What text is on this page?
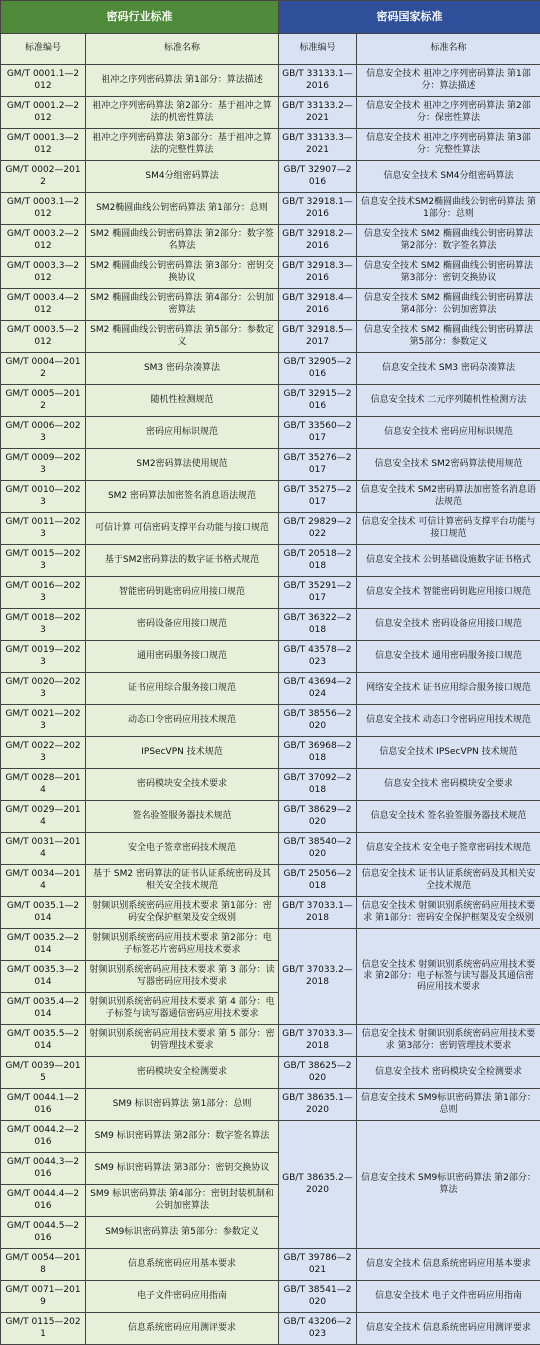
密码行业标准		密码国家标准	
标准编号	标准名称	标准编号	标准名称
GM/T 0001.1—2012	祖冲之序列密码算法 第1部分：算法描述	GB/T 33133.1—2016	信息安全技术 祖冲之序列密码算法 第1部分：算法描述
GM/T 0001.2—2012	祖冲之序列密码算法 第2部分：基于祖冲之算法的机密性算法	GB/T 33133.2—2021	信息安全技术 祖冲之序列密码算法 第2部分：保密性算法
GM/T 0001.3—2012	祖冲之序列密码算法 第3部分：基于祖冲之算法的完整性算法	GB/T 33133.3—2021	信息安全技术 祖冲之序列密码算法 第3部分：完整性算法
GM/T 0002—2012	SM4分组密码算法	GB/T 32907—2016	信息安全技术 SM4分组密码算法
GM/T 0003.1—2012	SM2椭圆曲线公钥密码算法 第1部分：总则	GB/T 32918.1—2016	信息安全技术SM2椭圆曲线公钥密码算法 第1部分：总则
GM/T 0003.2—2012	SM2 椭圆曲线公钥密码算法 第2部分：数字签名算法	GB/T 32918.2—2016	信息安全技术 SM2 椭圆曲线公钥密码算法 第2部分：数字签名算法
GM/T 0003.3—2012	SM2 椭圆曲线公钥密码算法 第3部分：密钥交换协议	GB/T 32918.3—2016	信息安全技术 SM2 椭圆曲线公钥密码算法 第3部分：密钥交换协议
GM/T 0003.4—2012	SM2 椭圆曲线公钥密码算法 第4部分：公钥加密算法	GB/T 32918.4—2016	信息安全技术 SM2 椭圆曲线公钥密码算法 第4部分：公钥加密算法
GM/T 0003.5—2012	SM2 椭圆曲线公钥密码算法 第5部分：参数定义	GB/T 32918.5—2017	信息安全技术 SM2 椭圆曲线公钥密码算法 第5部分：参数定义
GM/T 0004—2012	SM3 密码杂凑算法	GB/T 32905—2016	信息安全技术 SM3 密码杂凑算法
GM/T 0005—2012	随机性检测规范	GB/T 32915—2016	信息安全技术 二元序列随机性检测方法
GM/T 0006—2023	密码应用标识规范	GB/T 33560—2017	信息安全技术 密码应用标识规范
GM/T 0009—2023	SM2密码算法使用规范	GB/T 35276—2017	信息安全技术 SM2密码算法使用规范
GM/T 0010—2023	SM2 密码算法加密签名消息语法规范	GB/T 35275—2017	信息安全技术 SM2密码算法加密签名消息语法规范
GM/T 0011—2023	可信计算 可信密码支撑平台功能与接口规范	GB/T 29829—2022	信息安全技术 可信计算密码支撑平台功能与接口规范
GM/T 0015—2023	基于SM2密码算法的数字证书格式规范	GB/T 20518—2018	信息安全技术 公钥基础设施数字证书格式
GM/T 0016—2023	智能密码钥匙密码应用接口规范	GB/T 35291—2017	信息安全技术 智能密码钥匙应用接口规范
GM/T 0018—2023	密码设备应用接口规范	GB/T 36322—2018	信息安全技术 密码设备应用接口规范
GM/T 0019—2023	通用密码服务接口规范	GB/T 43578—2023	信息安全技术 通用密码服务接口规范
GM/T 0020—2023	证书应用综合服务接口规范	GB/T 43694—2024	网络安全技术 证书应用综合服务接口规范
GM/T 0021—2023	动态口令密码应用技术规范	GB/T 38556—2020	信息安全技术 动态口令密码应用技术规范
GM/T 0022—2023	IPSecVPN 技术规范	GB/T 36968—2018	信息安全技术 IPSecVPN 技术规范
GM/T 0028—2014	密码模块安全技术要求	GB/T 37092—2018	信息安全技术 密码模块安全要求
GM/T 0029—2014	签名验签服务器技术规范	GB/T 38629—2020	信息安全技术 签名验签服务器技术规范
GM/T 0031—2014	安全电子签章密码技术规范	GB/T 38540—2020	信息安全技术 安全电子签章密码技术规范
GM/T 0034—2014	基于 SM2 密码算法的证书认证系统密码及其相关安全技术规范	GB/T 25056—2018	信息安全技术 证书认证系统密码及其相关安全技术规范
GM/T 0035.1—2014	射频识别系统密码应用技术要求 第1部分：密码安全保护框架及安全级别	GB/T 37033.1—2018	信息安全技术 射频识别系统密码应用技术要求 第1部分：密码安全保护框架及安全级别
GM/T 0035.2—2014	射频识别系统密码应用技术要求 第2部分：电子标签芯片密码应用技术要求	GB/T 37033.2—2018	信息安全技术 射频识别系统密码应用技术要求 第2部分：电子标签与读写器及其通信密码应用技术要求
GM/T 0035.3—2014	射频识别系统密码应用技术要求 第 3 部分：读写器密码应用技术要求		
GM/T 0035.4—2014	射频识别系统密码应用技术要求 第 4 部分：电子标签与读写器通信密码应用技术要求		
GM/T 0035.5—2014	射频识别系统密码应用技术要求 第 5 部分：密钥管理技术要求	GB/T 37033.3—2018	信息安全技术 射频识别系统密码应用技术要求 第3部分：密钥管理技术要求
GM/T 0039—2015	密码模块安全检测要求	GB/T 38625—2020	信息安全技术 密码模块安全检测要求
GM/T 0044.1—2016	SM9 标识密码算法 第1部分：总则	GB/T 38635.1—2020	信息安全技术 SM9标识密码算法 第1部分：总则
GM/T 0044.2—2016	SM9 标识密码算法 第2部分：数字签名算法	GB/T 38635.2—2020	信息安全技术 SM9标识密码算法 第2部分：算法
GM/T 0044.3—2016	SM9 标识密码算法 第3部分：密钥交换协议		
GM/T 0044.4—2016	SM9 标识密码算法 第4部分：密钥封装机制和公钥加密算法		
GM/T 0044.5—2016	SM9标识密码算法 第5部分：参数定义		
GM/T 0054—2018	信息系统密码应用基本要求	GB/T 39786—2021	信息安全技术 信息系统密码应用基本要求
GM/T 0071—2019	电子文件密码应用指南	GB/T 38541—2020	信息安全技术 电子文件密码应用指南
GM/T 0115—2021	信息系统密码应用测评要求	GB/T 43206—2023	信息安全技术 信息系统密码应用测评要求
